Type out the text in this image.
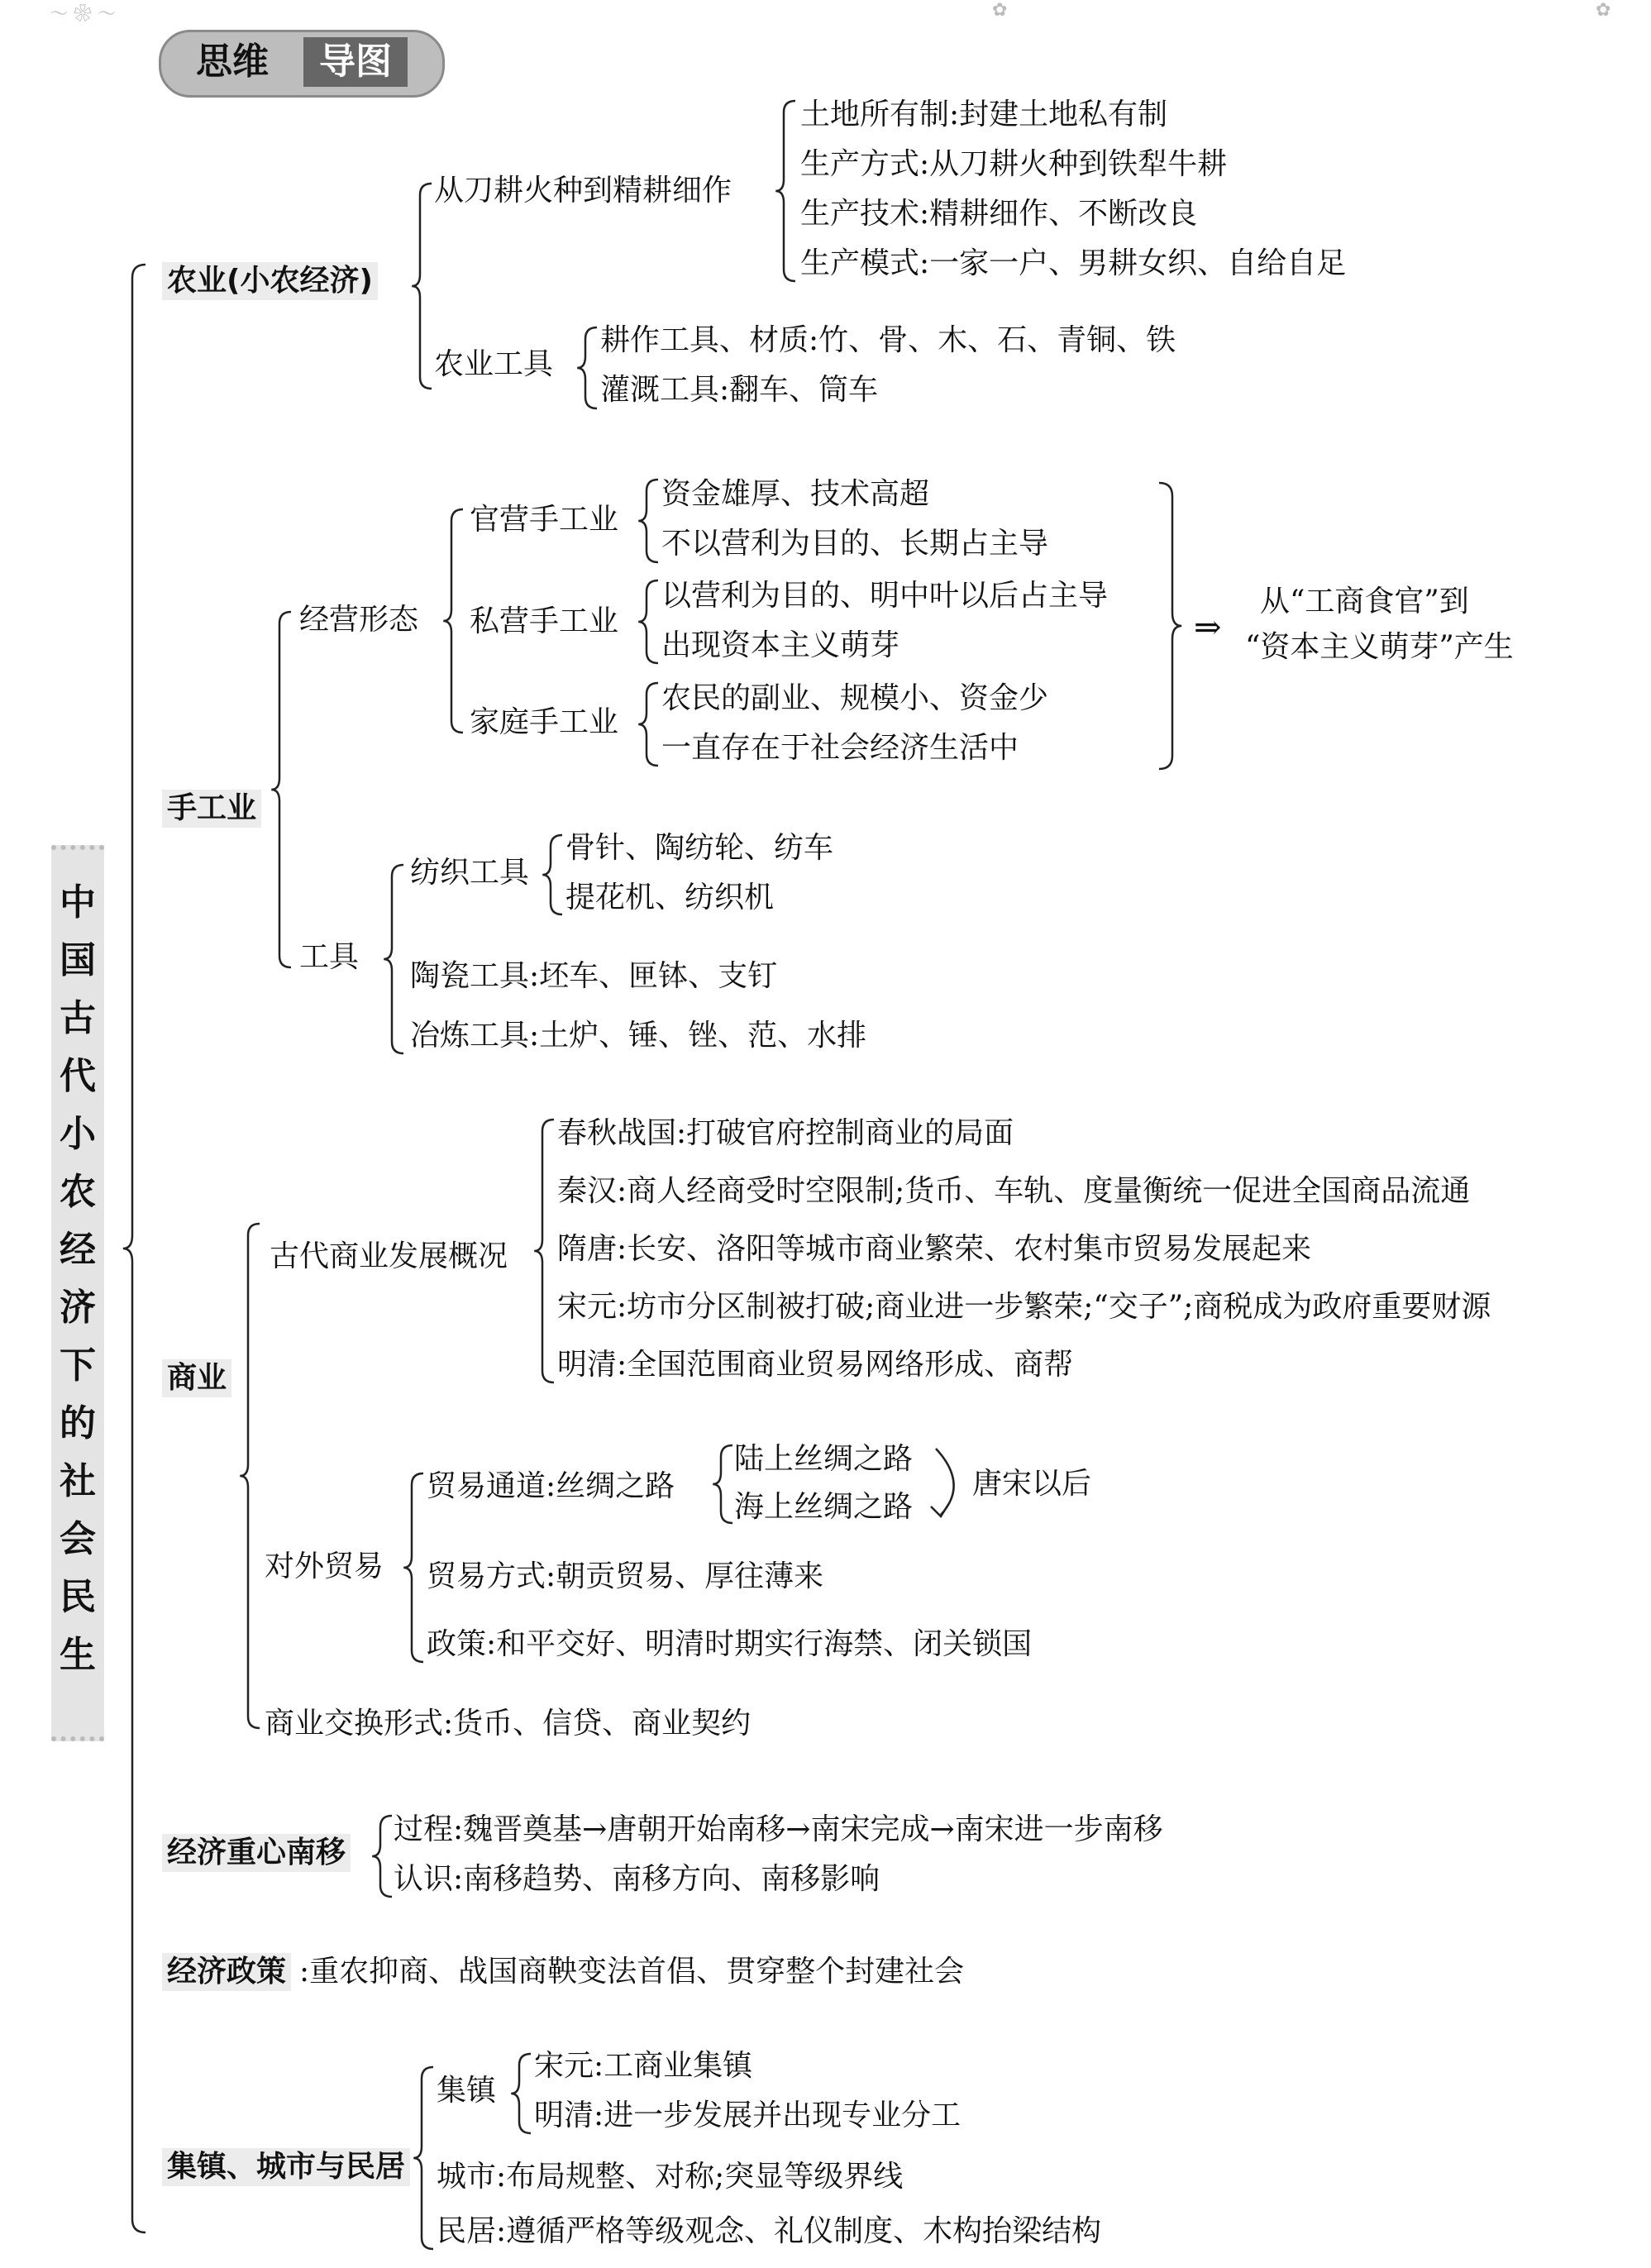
～ ❀ ～	✿	✿
思维	导图
中
国
古
代
小
农
经
济
下
的
社
会
民
生
农业(小农经济)
从刀耕火种到精耕细作
土地所有制:封建土地私有制
生产方式:从刀耕火种到铁犁牛耕
生产技术:精耕细作、不断改良
生产模式:一家一户、男耕女织、自给自足
农业工具
耕作工具、材质:竹、骨、木、石、青铜、铁
灌溉工具:翻车、筒车
手工业
经营形态
官营手工业
资金雄厚、技术高超
不以营利为目的、长期占主导
私营手工业
以营利为目的、明中叶以后占主导
出现资本主义萌芽
家庭手工业
农民的副业、规模小、资金少
一直存在于社会经济生活中
⇒
从“工商食官”到
“资本主义萌芽”产生
工具
纺织工具
骨针、陶纺轮、纺车
提花机、纺织机
陶瓷工具:坯车、匣钵、支钉
冶炼工具:土炉、锤、锉、范、水排
商业
古代商业发展概况
春秋战国:打破官府控制商业的局面
秦汉:商人经商受时空限制;货币、车轨、度量衡统一促进全国商品流通
隋唐:长安、洛阳等城市商业繁荣、农村集市贸易发展起来
宋元:坊市分区制被打破;商业进一步繁荣;“交子”;商税成为政府重要财源
明清:全国范围商业贸易网络形成、商帮
对外贸易
贸易通道:丝绸之路
陆上丝绸之路
海上丝绸之路
唐宋以后
贸易方式:朝贡贸易、厚往薄来
政策:和平交好、明清时期实行海禁、闭关锁国
商业交换形式:货币、信贷、商业契约
经济重心南移
过程:魏晋奠基→唐朝开始南移→南宋完成→南宋进一步南移
认识:南移趋势、南移方向、南移影响
经济政策 :重农抑商、战国商鞅变法首倡、贯穿整个封建社会
集镇、城市与民居
集镇
宋元:工商业集镇
明清:进一步发展并出现专业分工
城市:布局规整、对称;突显等级界线
民居:遵循严格等级观念、礼仪制度、木构抬梁结构
